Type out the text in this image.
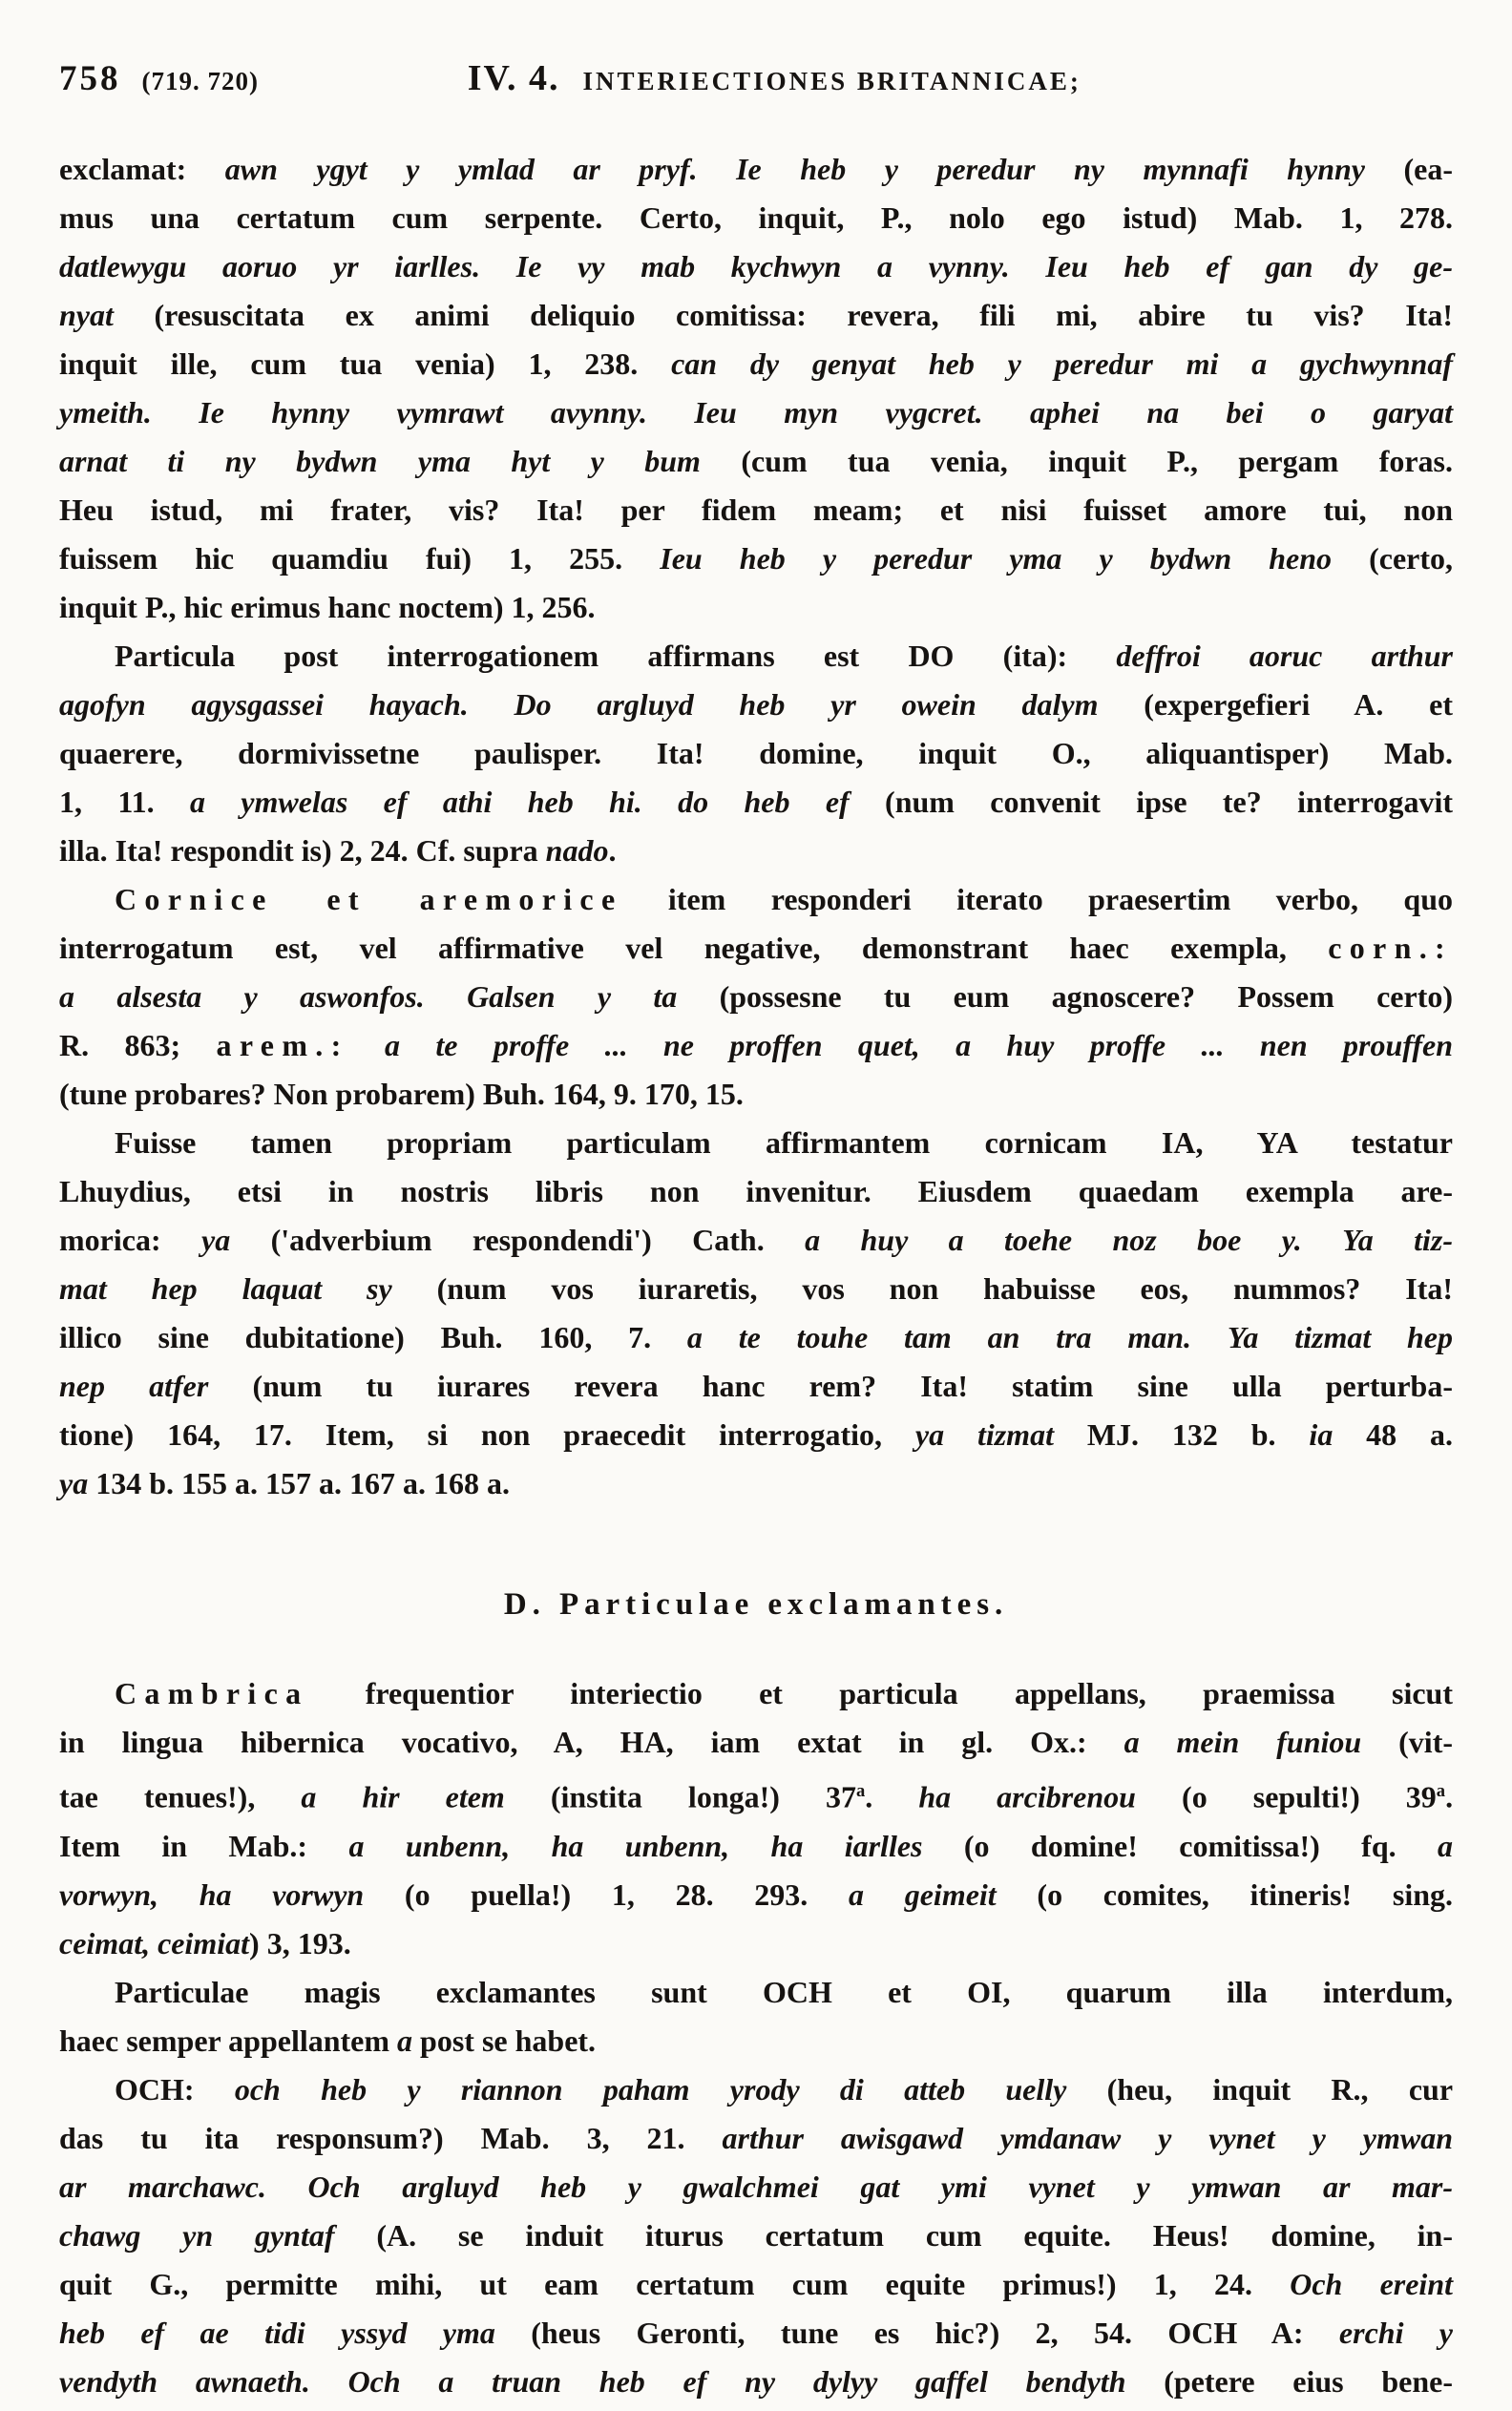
758 (719. 720)	IV. 4. INTERIECTIONES BRITANNICAE;
exclamat: awn ygyt y ymlad ar pryf. Ie heb y peredur ny mynnafi hynny (ea-
mus una certatum cum serpente. Certo, inquit, P., nolo ego istud) Mab. 1, 278.
datlewygu aoruo yr iarlles. Ie vy mab kychwyn a vynny. Ieu heb ef gan dy ge-
nyat (resuscitata ex animi deliquio comitissa: revera, fili mi, abire tu vis? Ita!
inquit ille, cum tua venia) 1, 238. can dy genyat heb y peredur mi a gychwynnaf
ymeith. Ie hynny vymrawt avynny. Ieu myn vygcret. aphei na bei o garyat
arnat ti ny bydwn yma hyt y bum (cum tua venia, inquit P., pergam foras.
Heu istud, mi frater, vis? Ita! per fidem meam; et nisi fuisset amore tui, non
fuissem hic quamdiu fui) 1, 255. Ieu heb y peredur yma y bydwn heno (certo,
inquit P., hic erimus hanc noctem) 1, 256.
Particula post interrogationem affirmans est DO (ita): deffroi aoruc arthur
agofyn agysgassei hayach. Do argluyd heb yr owein dalym (expergefieri A. et
quaerere, dormivissetne paulisper. Ita! domine, inquit O., aliquantisper) Mab.
1, 11. a ymwelas ef athi heb hi. do heb ef (num convenit ipse te? interrogavit
illa. Ita! respondit is) 2, 24. Cf. supra nado.
Cornice et aremorice item responderi iterato praesertim verbo, quo
interrogatum est, vel affirmative vel negative, demonstrant haec exempla, corn.:
a alsesta y aswonfos. Galsen y ta (possesne tu eum agnoscere? Possem certo)
R. 863; arem.: a te proffe ... ne proffen quet, a huy proffe ... nen prouffen
(tune probares? Non probarem) Buh. 164, 9. 170, 15.
Fuisse tamen propriam particulam affirmantem cornicam IA, YA testatur
Lhuydius, etsi in nostris libris non invenitur. Eiusdem quaedam exempla are-
morica: ya ('adverbium respondendi') Cath. a huy a toehe noz boe y. Ya tiz-
mat hep laquat sy (num vos iuraretis, vos non habuisse eos, nummos? Ita!
illico sine dubitatione) Buh. 160, 7. a te touhe tam an tra man. Ya tizmat hep
nep atfer (num tu iurares revera hanc rem? Ita! statim sine ulla perturba-
tione) 164, 17. Item, si non praecedit interrogatio, ya tizmat MJ. 132 b. ia 48 a.
ya 134 b. 155 a. 157 a. 167 a. 168 a.
D. Particulae exclamantes.
Cambrica frequentior interiectio et particula appellans, praemissa sicut
in lingua hibernica vocativo, A, HA, iam extat in gl. Ox.: a mein funiou (vit-
tae tenues!), a hir etem (instita longa!) 37$^a$. ha arcibrenou (o sepulti!) 39$^a$.
Item in Mab.: a unbenn, ha unbenn, ha iarlles (o domine! comitissa!) fq. a
vorwyn, ha vorwyn (o puella!) 1, 28. 293. a geimeit (o comites, itineris! sing.
ceimat, ceimiat) 3, 193.
Particulae magis exclamantes sunt OCH et OI, quarum illa interdum,
haec semper appellantem a post se habet.
OCH: och heb y riannon paham yrody di atteb uelly (heu, inquit R., cur
das tu ita responsum?) Mab. 3, 21. arthur awisgawd ymdanaw y vynet y ymwan
ar marchawc. Och argluyd heb y gwalchmei gat ymi vynet y ymwan ar mar-
chawg yn gyntaf (A. se induit iturus certatum cum equite. Heus! domine, in-
quit G., permitte mihi, ut eam certatum cum equite primus!) 1, 24. Och ereint
heb ef ae tidi yssyd yma (heus Geronti, tune es hic?) 2, 54. OCH A: erchi y
vendyth awnaeth. Och a truan heb ef ny dylyy gaffel bendyth (petere eius bene-
